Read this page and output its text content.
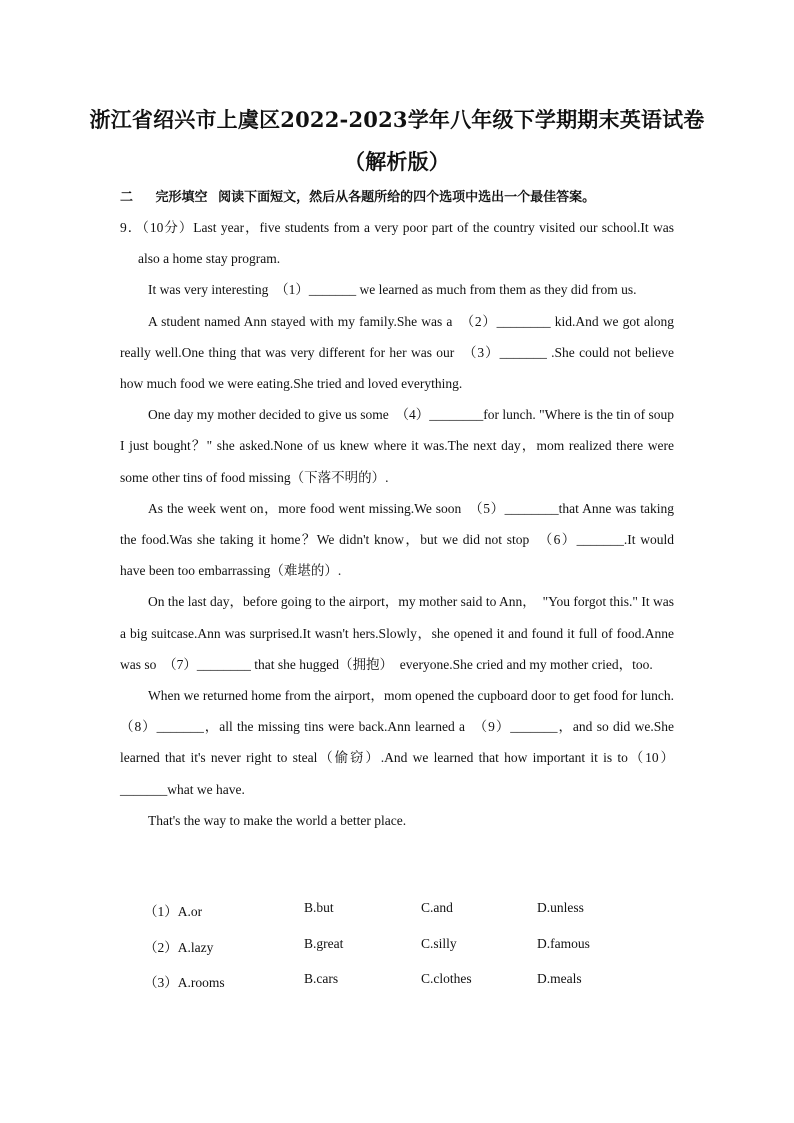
浙江省绍兴市上虞区2022-2023学年八年级下学期期末英语试卷
（解析版）
二 完形填空 阅读下面短文，然后从各题所给的四个选项中选出一个最佳答案。

9．（10分）Last year，five students from a very poor part of the country visited our school.It was also a home stay program.

It was very interesting　（1）_______ we learned as much from them as they did from us.

A student named Ann stayed with my family.She was a　（2）________ kid.And we got along really well.One thing that was very different for her was our　（3）_______ .She could not believe how much food we were eating.She tried and loved everything.

One day my mother decided to give us some　（4）________for lunch. "Where is the tin of soup I just bought？" she asked.None of us knew where it was.The next day，mom realized there were some other tins of food missing（下落不明的）.

As the week went on，more food went missing.We soon　（5）________that Anne was taking the food.Was she taking it home？We didn't know，but we did not stop　（6）_______.It would have been too embarrassing（难堪的）.

On the last day，before going to the airport，my mother said to Ann，　"You forgot this." It was a big suitcase.Ann was surprised.It wasn't hers.Slowly，she opened it and found it full of food.Anne was so　（7）________ that she hugged（拥抱）　everyone.She cried and my mother cried，too.

When we returned home from the airport，mom opened the cupboard door to get food for lunch.（8）_______，all the missing tins were back.Ann learned a　（9）_______，and so did we.She learned that it's never right to steal（偷窃）.And we learned that how important it is to（10）_______what we have.

That's the way to make the world a better place.

（1）A.or	B.but	C.and	D.unless
（2）A.lazy	B.great	C.silly	D.famous
（3）A.rooms	B.cars	C.clothes	D.meals
